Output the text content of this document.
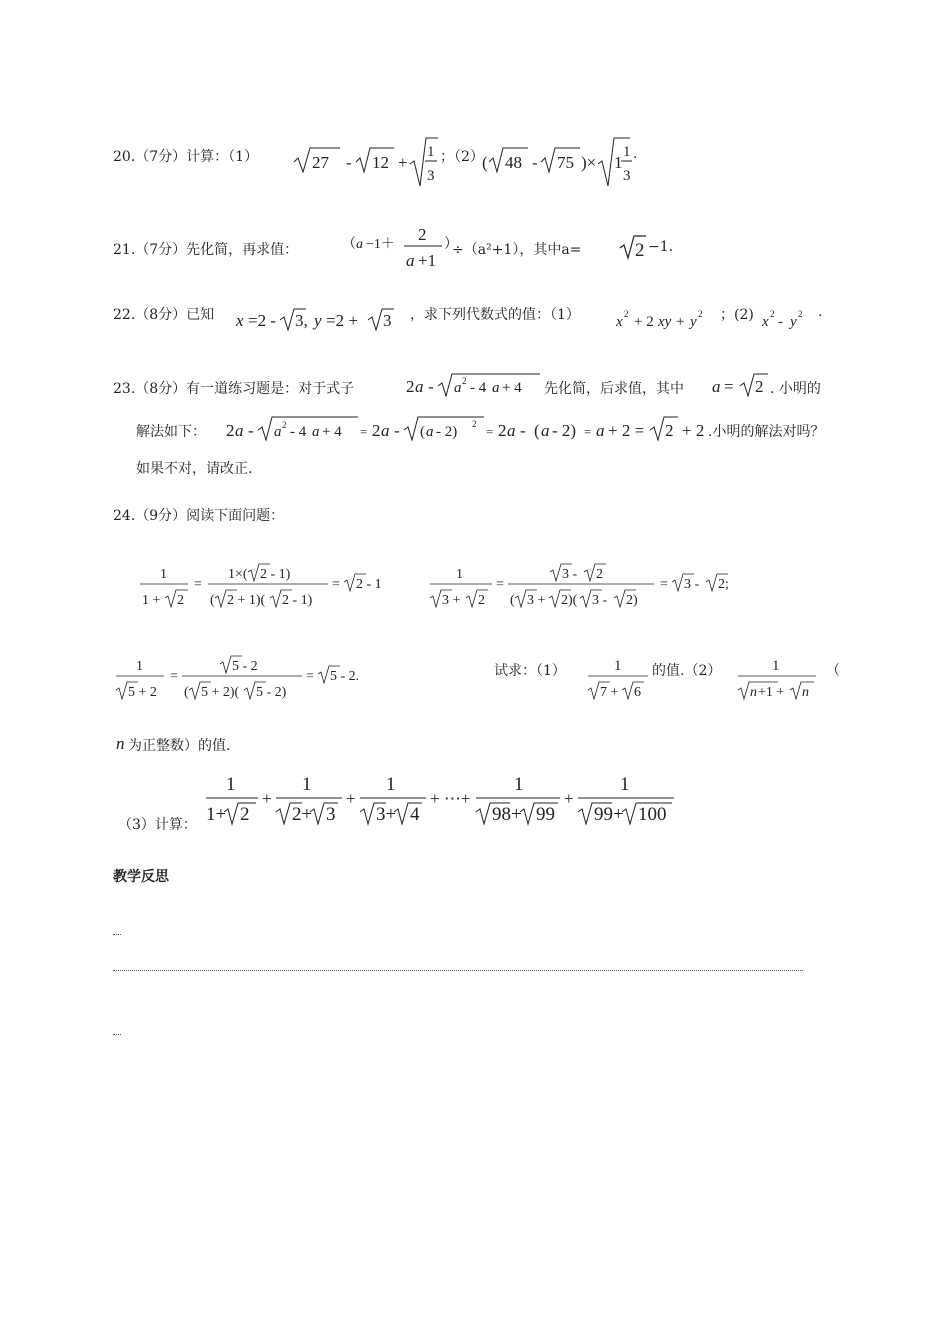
20.（7分）计算：（1）	27 - 12 +
1
3
；（2）
( 48 - 75 )× 1
1
3
.
21.（7分）先化简，再求值：	（ a −1＋
2
a +1
）
÷（a²+1），其中a=	2 −1.
22.（8分）已知 x =2 - 3, y =2 + 3 ，求下列代数式的值：（1） x 2 + 2 xy + y 2 ；(2) x 2 - y 2 .
23.（8分）有一道练习题是：对于式子	2 a - a 2 - 4 a + 4 先化简，后求值，其中 a = 2 . 小明的
解法如下： 2 a - a 2 - 4 a + 4 = 2 a - ( a - 2) 2 = 2 a - ( a - 2) = a + 2 = 2 + 2 .小明的解法对吗？
如果不对，请改正.
24.（9分）阅读下面问题：
1
1 + 2
=
1×( 2 - 1)
( 2 + 1)( 2 - 1)
= 2 - 1
1
3 + 2
=
3 - 2
( 3 + 2)( 3 - 2)
= 3 - 2;
1
5 + 2
=
5 - 2
( 5 + 2)( 5 - 2)
= 5 - 2.	试求：（1）	1
7 + 6
的值.（2）	1
n +1 + n
（
n 为正整数）的值.
（3）计算：
1
1+ 2
+
1
2+ 3
+
1
3+ 4
+ ⋯+
1
98+ 99
+
1
99+ 100
教学反思
